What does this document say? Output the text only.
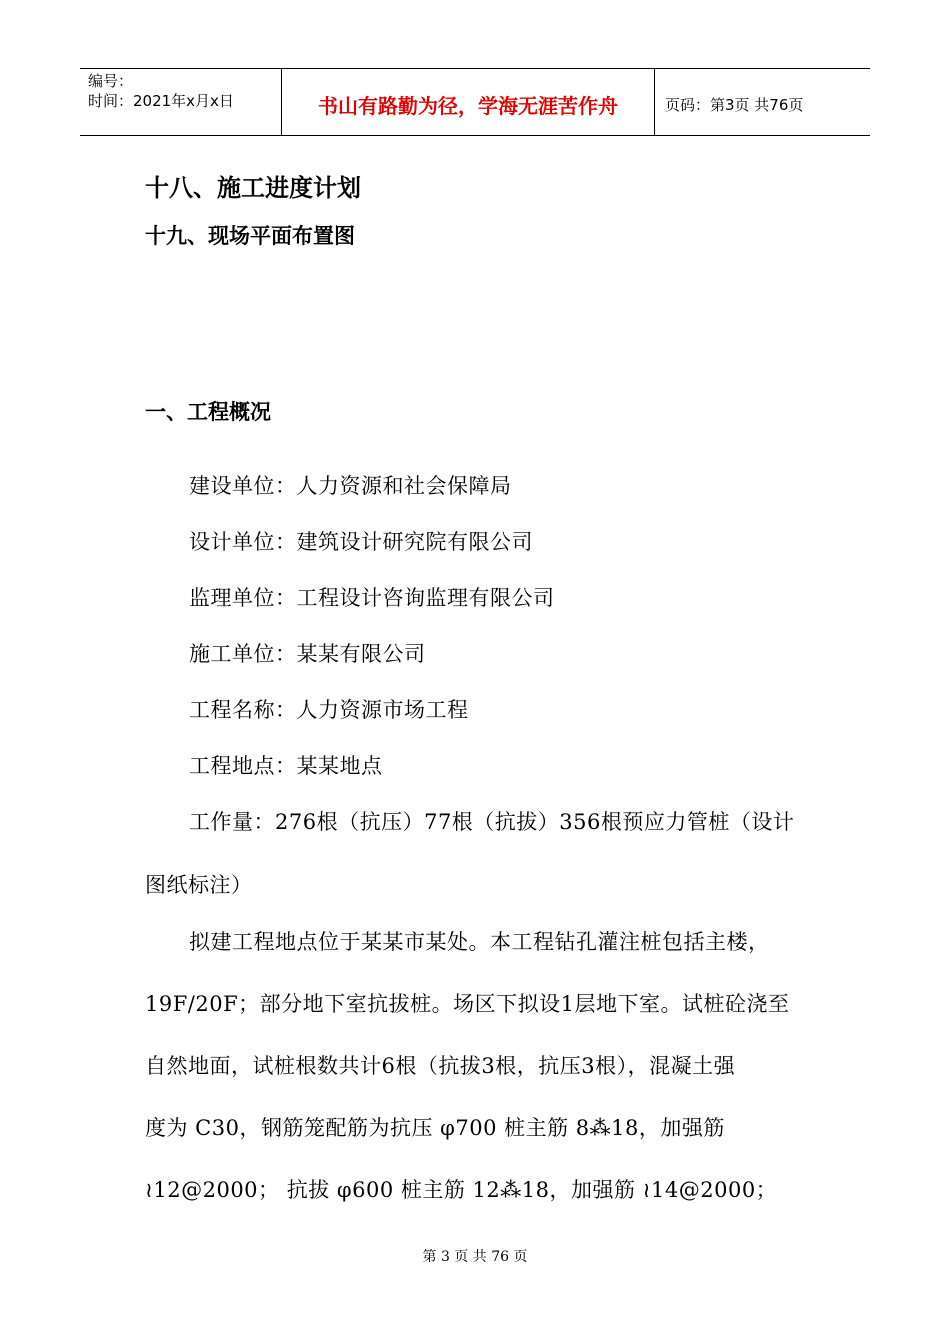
编号：
时间：2021年x月x日	书山有路勤为径，学海无涯苦作舟	页码：第3页 共76页
十八、施工进度计划
十九、现场平面布置图
一、工程概况
建设单位：人力资源和社会保障局
设计单位：建筑设计研究院有限公司
监理单位：工程设计咨询监理有限公司
施工单位：某某有限公司
工程名称：人力资源市场工程
工程地点：某某地点
工作量：276根（抗压）77根（抗拔）356根预应力管桩（设计
图纸标注）
拟建工程地点位于某某市某处。本工程钻孔灌注桩包括主楼，
19F/20F；部分地下室抗拔桩。场区下拟设1层地下室。试桩砼浇至
自然地面，试桩根数共计6根（抗拔3根，抗压3根），混凝土强
度为 C30，钢筋笼配筋为抗压 φ700 桩主筋 8⁂18，加强筋
≀12@2000； 抗拔 φ600 桩主筋 12⁂18，加强筋 ≀14@2000；
第 3 页 共 76 页
